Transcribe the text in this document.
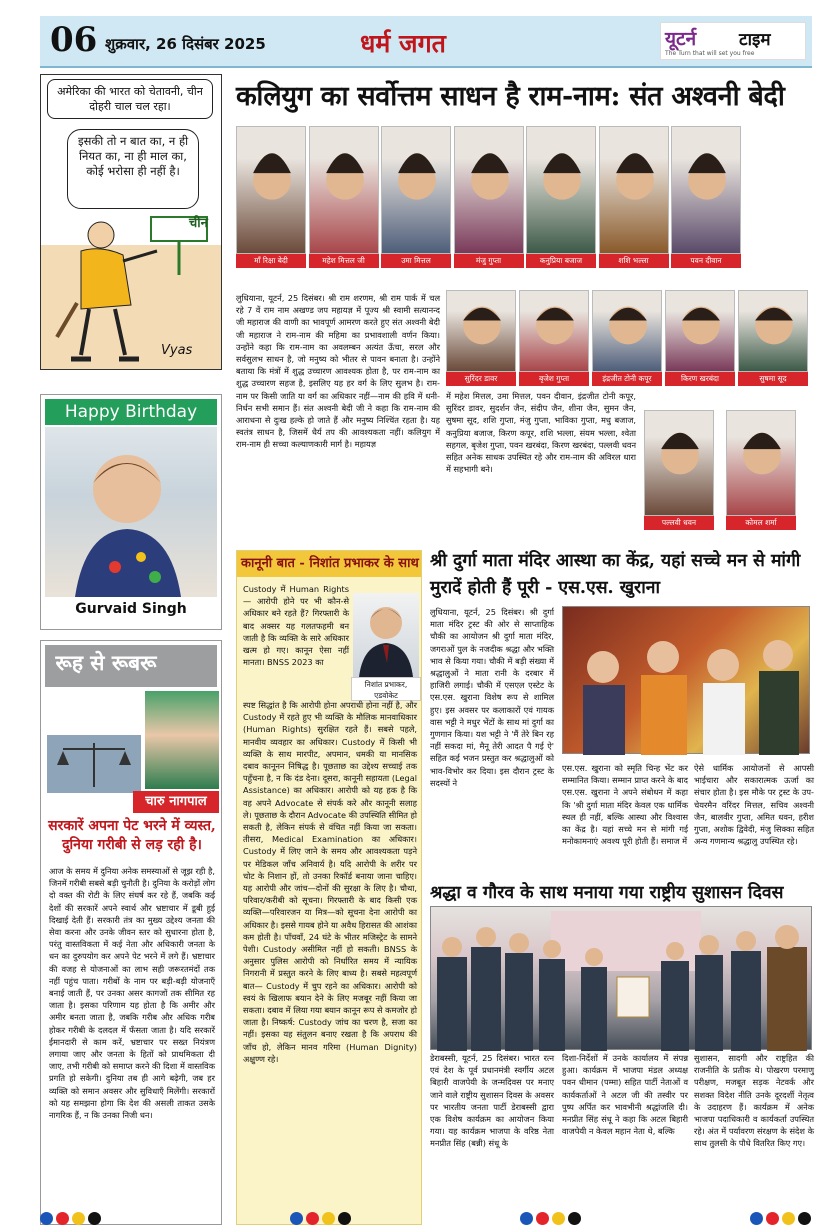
06 शुक्रवार, 26 दिसंबर 2025	धर्म जगत	यूटर्न	टाइम
The Turn that will set you free
अमेरिका की भारत को चेतावनी, चीन दोहरी चाल चल रहा।
इसकी तो न बात का, न ही नियत का, ना ही माल का, कोई भरोसा ही नहीं है।
चीन
Vyas
Happy Birthday
Gurvaid Singh
रूह से रूबरू
चारु नागपाल
सरकारें अपना पेट भरने में व्यस्त, दुनिया गरीबी से लड़ रही है।
आज के समय में दुनिया अनेक समस्याओं से जूझ रही है, जिनमें गरीबी सबसे बड़ी चुनौती है। दुनिया के करोड़ों लोग दो वक्त की रोटी के लिए संघर्ष कर रहे हैं, जबकि कई देशों की सरकारें अपने स्वार्थ और भ्रष्टाचार में डूबी हुई दिखाई देती हैं। सरकारी तंत्र का मुख्य उद्देश्य जनता की सेवा करना और उनके जीवन स्तर को सुधारना होता है, परंतु वास्तविकता में कई नेता और अधिकारी जनता के धन का दुरुपयोग कर अपने पेट भरने में लगे हैं। भ्रष्टाचार की वजह से योजनाओं का लाभ सही जरूरतमंदों तक नहीं पहुंच पाता। गरीबों के नाम पर बड़ी-बड़ी योजनाएँ बनाई जाती हैं, पर उनका असर कागजों तक सीमित रह जाता है। इसका परिणाम यह होता है कि अमीर और अमीर बनता जाता है, जबकि गरीब और अधिक गरीब होकर गरीबी के दलदल में फँसता जाता है। यदि सरकारें ईमानदारी से काम करें, भ्रष्टाचार पर सख्त नियंत्रण लगाया जाए और जनता के हितों को प्राथमिकता दी जाए, तभी गरीबी को समाप्त करने की दिशा में वास्तविक प्रगति हो सकेगी। दुनिया तब ही आगे बढ़ेगी, जब हर व्यक्ति को समान अवसर और सुविधाएँ मिलेंगी। सरकारों को यह समझना होगा कि देश की असली ताकत उसके नागरिक हैं, न कि उनका निजी धन।
कलियुग का सर्वोत्तम साधन है राम-नाम: संत अश्वनी बेदी
माँ रिक्षा बेदी	महेश मित्तल जी	उमा मित्तल	मंजु गुप्ता	कनुप्रिया बजाज	शशि भल्ला	पवन दीवान
सुरिंदर डावर	बृजेश गुप्ता	इंद्रजीत टोनी कपूर	किरण खरबंदा	सुषमा सूद
पल्लवी धवन	कोमल शर्मा
लुधियाना, यूटर्न, 25 दिसंबर। श्री राम शरणम, श्री राम पार्क में चल रहे 7 वें राम नाम अखण्ड जप महायज्ञ में पूज्य श्री स्वामी सत्यानन्द जी महाराज की वाणी का भावपूर्ण आमरण करते हुए संत अश्वनी बेदी जी महाराज ने राम-नाम की महिमा का प्रभावशाली वर्णन किया। उन्होंने कहा कि राम-नाम का अवलम्बन अत्यंत ऊँचा, सरल और सर्वसुलभ साधन है, जो मनुष्य को भीतर से पावन बनाता है। उन्होंने बताया कि मंत्रों में शुद्ध उच्चारण आवश्यक होता है, पर राम-नाम का शुद्ध उच्चारण सहज है, इसलिए यह हर वर्ग के लिए सुलभ है। राम-नाम पर किसी जाति या वर्ग का अधिकार नहीं—नाम की हवि में धनी-निर्धन सभी समान हैं। संत अश्वनी बेदी जी ने कहा कि राम-नाम की आराधना से दुःख हल्के हो जाते हैं और मनुष्य निश्चिंत रहता है। यह स्वतंत्र साधन है, जिसमें धैर्य तप की आवश्यकता नहीं। कलियुग में राम-नाम ही सच्चा कल्याणकारी मार्ग है। महायज्ञ
में महेश मित्तल, उमा मित्तल, पवन दीवान, इंद्रजीत टोनी कपूर, सुरिंदर डावर, सुदर्शन जैन, संदीप जैन, शीना जैन, सुमन जैन, सुषमा सूद, शशि गुप्ता, मंजु गुप्ता, भाविका गुप्ता, मधु बजाज, कनुप्रिया बजाज, किरण कपूर, शशि भल्ला, संयम भल्ला, श्वेता सहगल, बृजेश गुप्ता, पवन खरबंदा, किरण खरबंदा, पल्लवी धवन सहित अनेक साधक उपस्थित रहे और राम-नाम की अविरल धारा में सहभागी बने।
कानूनी बात - निशांत प्रभाकर के साथ
निशांत प्रभाकर, एडवोकेट
Custody में Human Rights — आरोपी होने पर भी कौन-से अधिकार बने रहते हैं? गिरफ्तारी के बाद अक्सर यह गलतफहमी बन जाती है कि व्यक्ति के सारे अधिकार खत्म हो गए। कानून ऐसा नहीं मानता। BNSS 2023 का
स्पष्ट सिद्धांत है कि आरोपी होना अपराधी होना नहीं है, और Custody में रहते हुए भी व्यक्ति के मौलिक मानवाधिकार (Human Rights) सुरक्षित रहते हैं। सबसे पहले, मानवीय व्यवहार का अधिकार। Custody में किसी भी व्यक्ति के साथ मारपीट, अपमान, धमकी या मानसिक दबाव कानूनन निषिद्ध है। पूछताछ का उद्देश्य सच्चाई तक पहुँचना है, न कि दंड देना। दूसरा, कानूनी सहायता (Legal Assistance) का अधिकार। आरोपी को यह हक है कि वह अपने Advocate से संपर्क करे और कानूनी सलाह ले। पूछताछ के दौरान Advocate की उपस्थिति सीमित हो सकती है, लेकिन संपर्क से वंचित नहीं किया जा सकता। तीसरा, Medical Examination का अधिकार। Custody में लिए जाने के समय और आवश्यकता पड़ने पर मेडिकल जाँच अनिवार्य है। यदि आरोपी के शरीर पर चोट के निशान हों, तो उनका रिकॉर्ड बनाया जाना चाहिए। यह आरोपी और जांच—दोनों की सुरक्षा के लिए है। चौथा, परिवार/करीबी को सूचना। गिरफ्तारी के बाद किसी एक व्यक्ति—परिवारजन या मित्र—को सूचना देना आरोपी का अधिकार है। इससे गायब होने या अवैध हिरासत की आशंका कम होती है। पाँचवाँ, 24 घंटे के भीतर मजिस्ट्रेट के सामने पेशी। Custody असीमित नहीं हो सकती। BNSS के अनुसार पुलिस आरोपी को निर्धारित समय में न्यायिक निगरानी में प्रस्तुत करने के लिए बाध्य है। सबसे महत्वपूर्ण बात— Custody में चुप रहने का अधिकार। आरोपी को स्वयं के खिलाफ बयान देने के लिए मजबूर नहीं किया जा सकता। दबाव में लिया गया बयान कानून रूप से कमजोर हो जाता है। निष्कर्ष: Custody जांच का चरण है, सजा का नहीं। इसका यह संतुलन बनाए रखता है कि अपराध की जाँच हो, लेकिन मानव गरिमा (Human Dignity) अक्षुण्ण रहे।
श्री दुर्गा माता मंदिर आस्था का केंद्र, यहां सच्चे मन से मांगी मुरादें होती हैं पूरी - एस.एस. खुराना
लुधियाना, यूटर्न, 25 दिसंबर। श्री दुर्गा माता मंदिर ट्रस्ट की ओर से साप्ताहिक चौकी का आयोजन श्री दुर्गा माता मंदिर, जगराओं पुल के नजदीक श्रद्धा और भक्ति भाव से किया गया। चौकी में बड़ी संख्या में श्रद्धालुओं ने माता रानी के दरबार में हाजिरी लगाई। चौकी में एसएल एस्टेट के एस.एस. खुराना विशेष रूप से शामिल हुए। इस अवसर पर कलाकारों एवं गायक वास भट्टी ने मधुर भेंटों के साथ मां दुर्गा का गुणगान किया। यश भट्टी ने 'मैं तेरे बिन रह नहीं सकदा मां, मैनू तेरी आदत पै गई ऐ' सहित कई भजन प्रस्तुत कर श्रद्धालुओं को भाव-विभोर कर दिया। इस दौरान ट्रस्ट के सदस्यों ने
एस.एस. खुराना को स्मृति चिन्ह भेंट कर सम्मानित किया। सम्मान प्राप्त करने के बाद एस.एस. खुराना ने अपने संबोधन में कहा कि 'श्री दुर्गा माता मंदिर केवल एक धार्मिक स्थल ही नहीं, बल्कि आस्था और विश्वास का केंद्र है। यहां सच्चे मन से मांगी गई मनोकामनाएं अवश्य पूरी होती हैं। समाज में
ऐसे धार्मिक आयोजनों से आपसी भाईचारा और सकारात्मक ऊर्जा का संचार होता है। इस मौके पर ट्रस्ट के उप-चेयरमैन वरिंदर मित्तल, सचिव अश्वनी जैन, बालवीर गुप्ता, अमित धवन, हरीश गुप्ता, अशोक द्विवेदी, मंजु सिक्का सहित अन्य गणमान्य श्रद्धालु उपस्थित रहे।
श्रद्धा व गौरव के साथ मनाया गया राष्ट्रीय सुशासन दिवस
डेराबस्सी, यूटर्न, 25 दिसंबर। भारत रत्न एवं देश के पूर्व प्रधानमंत्री स्वर्गीय अटल बिहारी वाजपेयी के जन्मदिवस पर मनाए जाने वाले राष्ट्रीय सुशासन दिवस के अवसर पर भारतीय जनता पार्टी डेराबस्सी द्वारा एक विशेष कार्यक्रम का आयोजन किया गया। यह कार्यक्रम भाजपा के वरिष्ठ नेता मनप्रीत सिंह (बन्नी) संधू के
दिशा-निर्देशों में उनके कार्यालय में संपन्न हुआ। कार्यक्रम में भाजपा मंडल अध्यक्ष पवन धीमान (पम्मा) सहित पार्टी नेताओं व कार्यकर्ताओं ने अटल जी की तस्वीर पर पुष्प अर्पित कर भावभीनी श्रद्धांजलि दी। मनप्रीत सिंह संधू ने कहा कि अटल बिहारी वाजपेयी न केवल महान नेता थे, बल्कि
सुशासन, सादगी और राष्ट्रहित की राजनीति के प्रतीक थे। पोखरण परमाणु परीक्षण, मजबूत सड़क नेटवर्क और सशक्त विदेश नीति उनके दूरदर्शी नेतृत्व के उदाहरण हैं। कार्यक्रम में अनेक भाजपा पदाधिकारी व कार्यकर्ता उपस्थित रहे। अंत में पर्यावरण संरक्षण के संदेश के साथ तुलसी के पौधे वितरित किए गए।
